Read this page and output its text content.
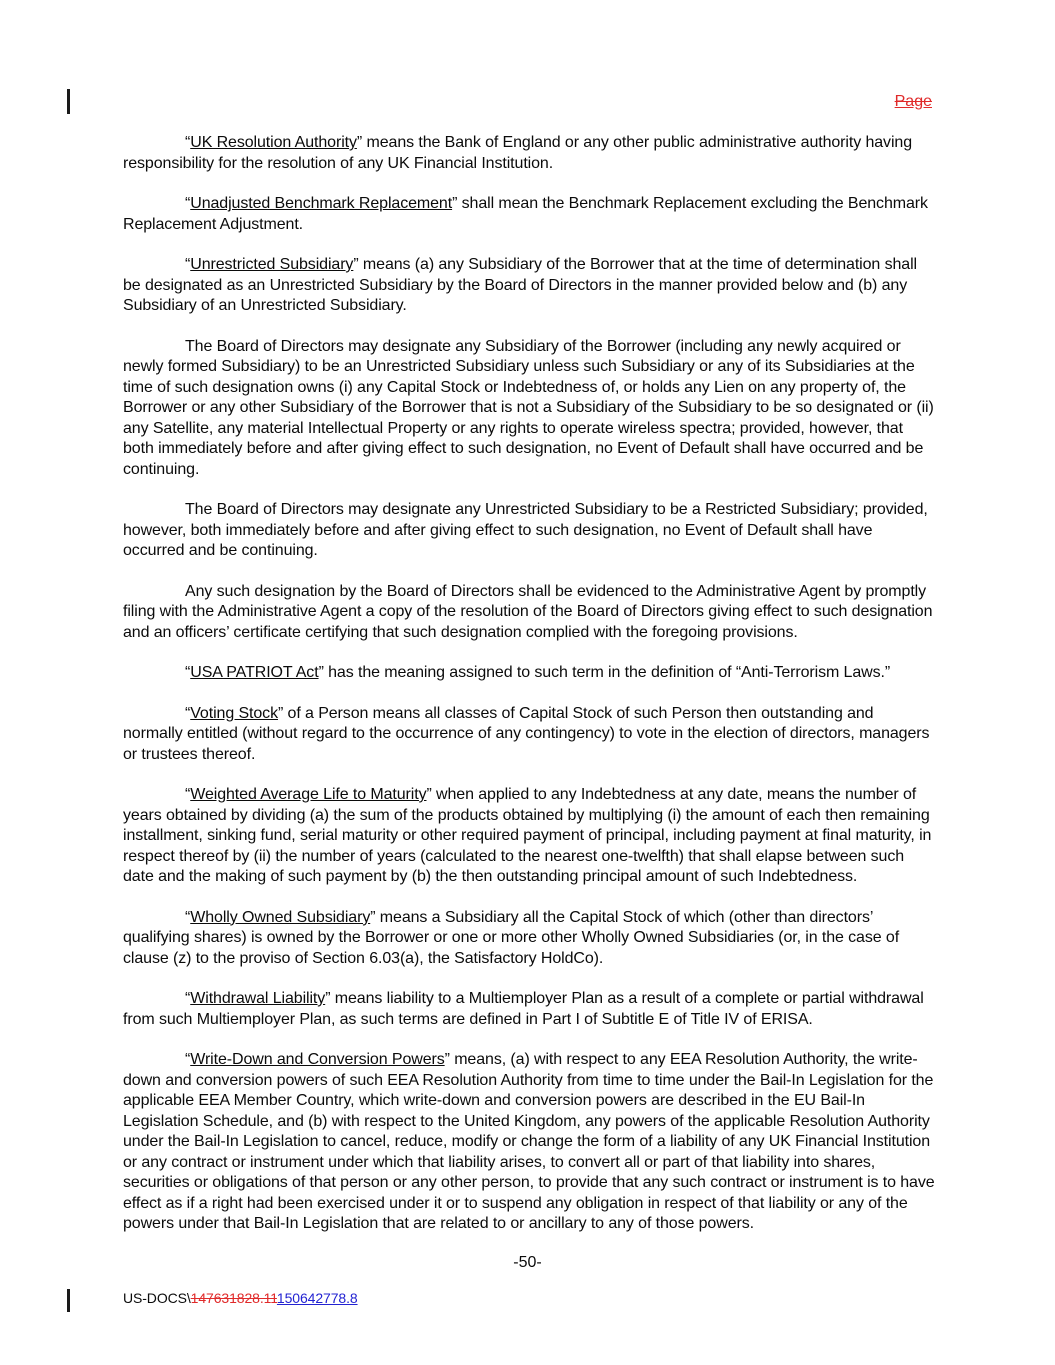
Page

“UK Resolution Authority” means the Bank of England or any other public administrative authority having responsibility for the resolution of any UK Financial Institution.

“Unadjusted Benchmark Replacement” shall mean the Benchmark Replacement excluding the Benchmark Replacement Adjustment.

“Unrestricted Subsidiary” means (a) any Subsidiary of the Borrower that at the time of determination shall be designated as an Unrestricted Subsidiary by the Board of Directors in the manner provided below and (b) any Subsidiary of an Unrestricted Subsidiary.

The Board of Directors may designate any Subsidiary of the Borrower (including any newly acquired or newly formed Subsidiary) to be an Unrestricted Subsidiary unless such Subsidiary or any of its Subsidiaries at the time of such designation owns (i) any Capital Stock or Indebtedness of, or holds any Lien on any property of, the Borrower or any other Subsidiary of the Borrower that is not a Subsidiary of the Subsidiary to be so designated or (ii) any Satellite, any material Intellectual Property or any rights to operate wireless spectra; provided, however, that both immediately before and after giving effect to such designation, no Event of Default shall have occurred and be continuing.

The Board of Directors may designate any Unrestricted Subsidiary to be a Restricted Subsidiary; provided, however, both immediately before and after giving effect to such designation, no Event of Default shall have occurred and be continuing.

Any such designation by the Board of Directors shall be evidenced to the Administrative Agent by promptly filing with the Administrative Agent a copy of the resolution of the Board of Directors giving effect to such designation and an officers’ certificate certifying that such designation complied with the foregoing provisions.

“USA PATRIOT Act” has the meaning assigned to such term in the definition of “Anti-Terrorism Laws.”

“Voting Stock” of a Person means all classes of Capital Stock of such Person then outstanding and normally entitled (without regard to the occurrence of any contingency) to vote in the election of directors, managers or trustees thereof.

“Weighted Average Life to Maturity” when applied to any Indebtedness at any date, means the number of years obtained by dividing (a) the sum of the products obtained by multiplying (i) the amount of each then remaining installment, sinking fund, serial maturity or other required payment of principal, including payment at final maturity, in respect thereof by (ii) the number of years (calculated to the nearest one-twelfth) that shall elapse between such date and the making of such payment by (b) the then outstanding principal amount of such Indebtedness.

“Wholly Owned Subsidiary” means a Subsidiary all the Capital Stock of which (other than directors’ qualifying shares) is owned by the Borrower or one or more other Wholly Owned Subsidiaries (or, in the case of clause (z) to the proviso of Section 6.03(a), the Satisfactory HoldCo).

“Withdrawal Liability” means liability to a Multiemployer Plan as a result of a complete or partial withdrawal from such Multiemployer Plan, as such terms are defined in Part I of Subtitle E of Title IV of ERISA.

“Write-Down and Conversion Powers” means, (a) with respect to any EEA Resolution Authority, the write-down and conversion powers of such EEA Resolution Authority from time to time under the Bail-In Legislation for the applicable EEA Member Country, which write-down and conversion powers are described in the EU Bail-In Legislation Schedule, and (b) with respect to the United Kingdom, any powers of the applicable Resolution Authority under the Bail-In Legislation to cancel, reduce, modify or change the form of a liability of any UK Financial Institution or any contract or instrument under which that liability arises, to convert all or part of that liability into shares, securities or obligations of that person or any other person, to provide that any such contract or instrument is to have effect as if a right had been exercised under it or to suspend any obligation in respect of that liability or any of the powers under that Bail-In Legislation that are related to or ancillary to any of those powers.

-50-
US-DOCS\147631828.11150642778.8
